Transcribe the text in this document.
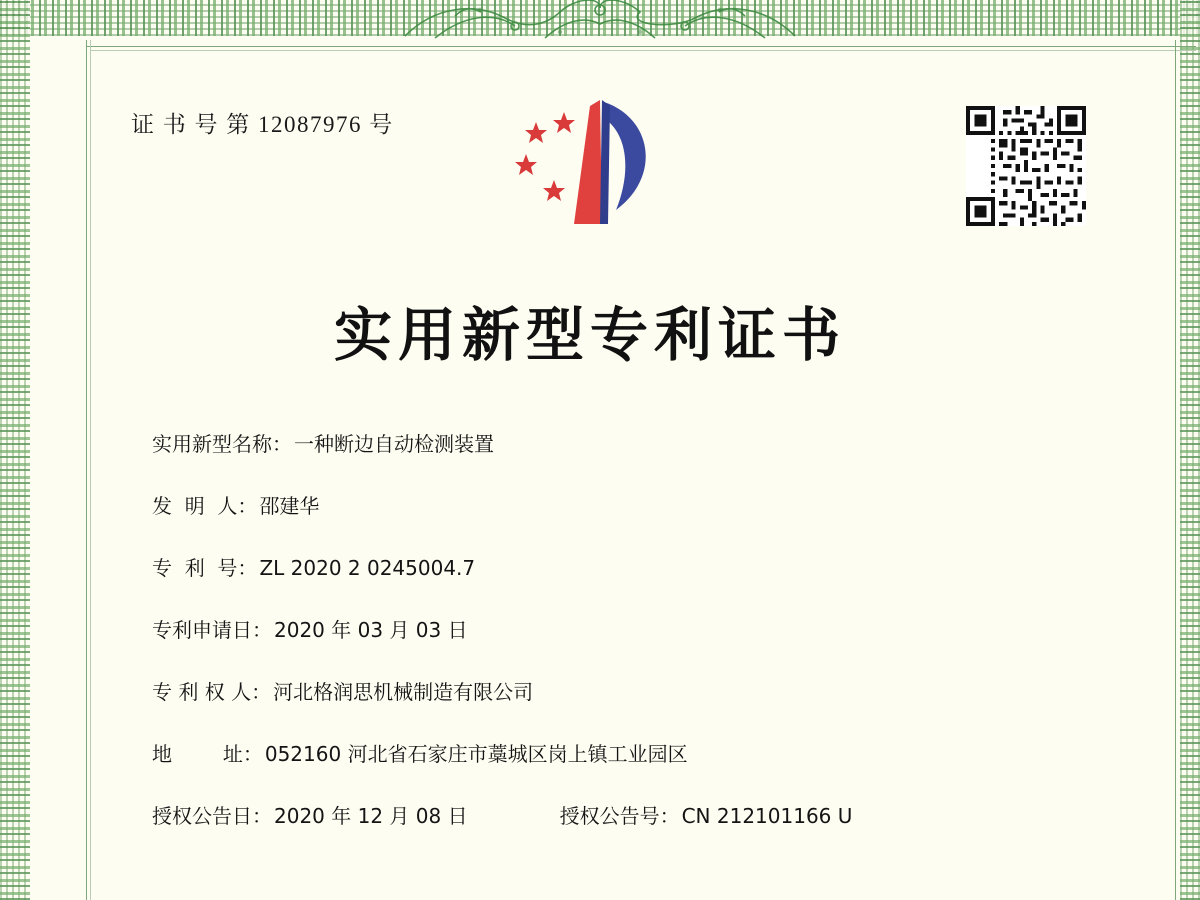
证 书 号 第 12087976 号
实用新型专利证书
实用新型名称： 一种断边自动检测装置
发  明  人： 邵建华
专  利  号： ZL 2020 2 0245004.7
专利申请日： 2020 年 03 月 03 日
专 利 权 人： 河北格润思机械制造有限公司
地        址： 052160 河北省石家庄市藁城区岗上镇工业园区
授权公告日： 2020 年 12 月 08 日	授权公告号： CN 212101166 U
